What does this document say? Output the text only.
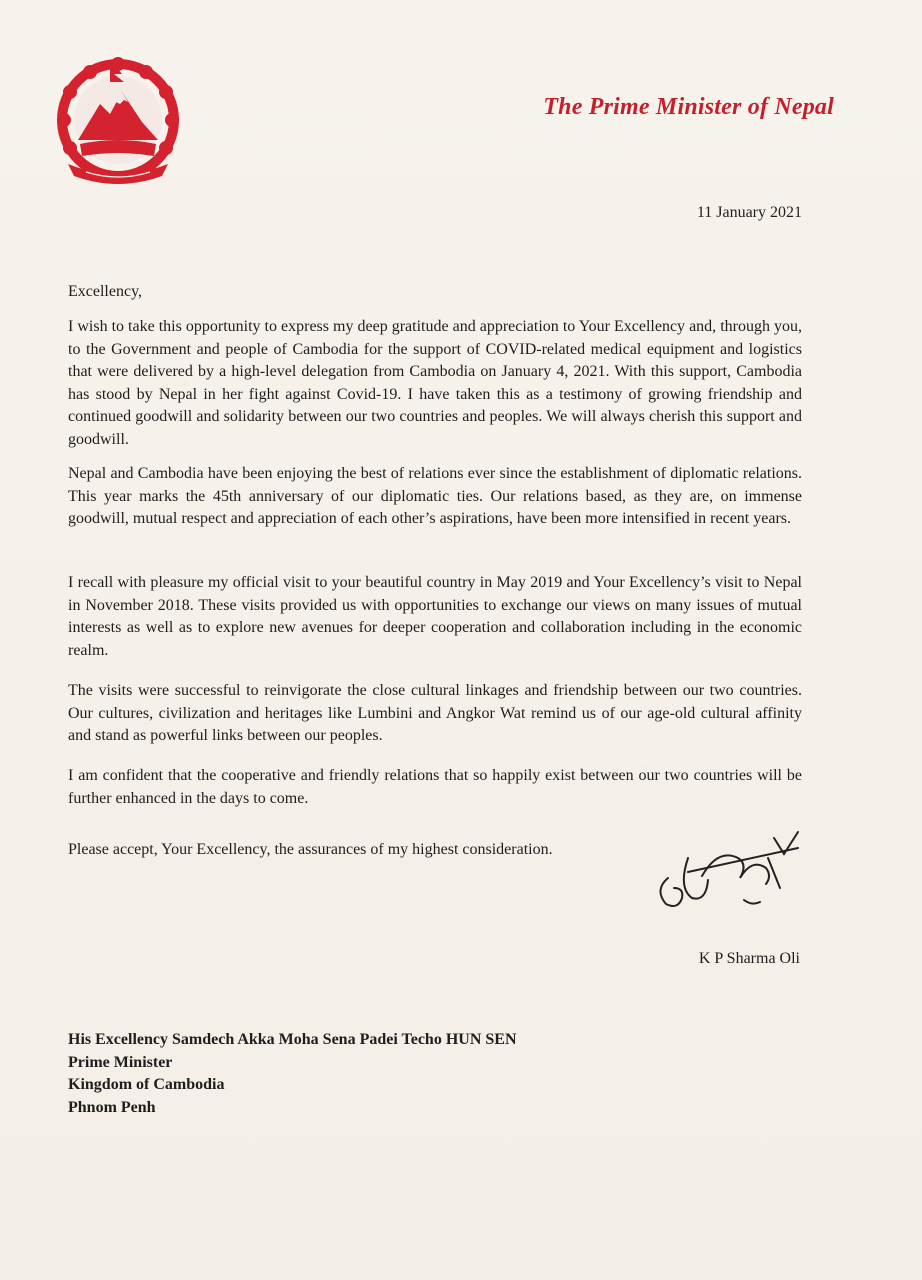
The Prime Minister of Nepal
11 January 2021
Excellency,

I wish to take this opportunity to express my deep gratitude and appreciation to Your Excellency and, through you, to the Government and people of Cambodia for the support of COVID-related medical equipment and logistics that were delivered by a high-level delegation from Cambodia on January 4, 2021. With this support, Cambodia has stood by Nepal in her fight against Covid-19. I have taken this as a testimony of growing friendship and continued goodwill and solidarity between our two countries and peoples. We will always cherish this support and goodwill.

Nepal and Cambodia have been enjoying the best of relations ever since the establishment of diplomatic relations. This year marks the 45th anniversary of our diplomatic ties. Our relations based, as they are, on immense goodwill, mutual respect and appreciation of each other’s aspirations, have been more intensified in recent years.

I recall with pleasure my official visit to your beautiful country in May 2019 and Your Excellency’s visit to Nepal in November 2018. These visits provided us with opportunities to exchange our views on many issues of mutual interests as well as to explore new avenues for deeper cooperation and collaboration including in the economic realm.

The visits were successful to reinvigorate the close cultural linkages and friendship between our two countries. Our cultures, civilization and heritages like Lumbini and Angkor Wat remind us of our age-old cultural affinity and stand as powerful links between our peoples.

I am confident that the cooperative and friendly relations that so happily exist between our two countries will be further enhanced in the days to come.

Please accept, Your Excellency, the assurances of my highest consideration.
K P Sharma Oli
His Excellency Samdech Akka Moha Sena Padei Techo HUN SEN
Prime Minister
Kingdom of Cambodia
Phnom Penh
